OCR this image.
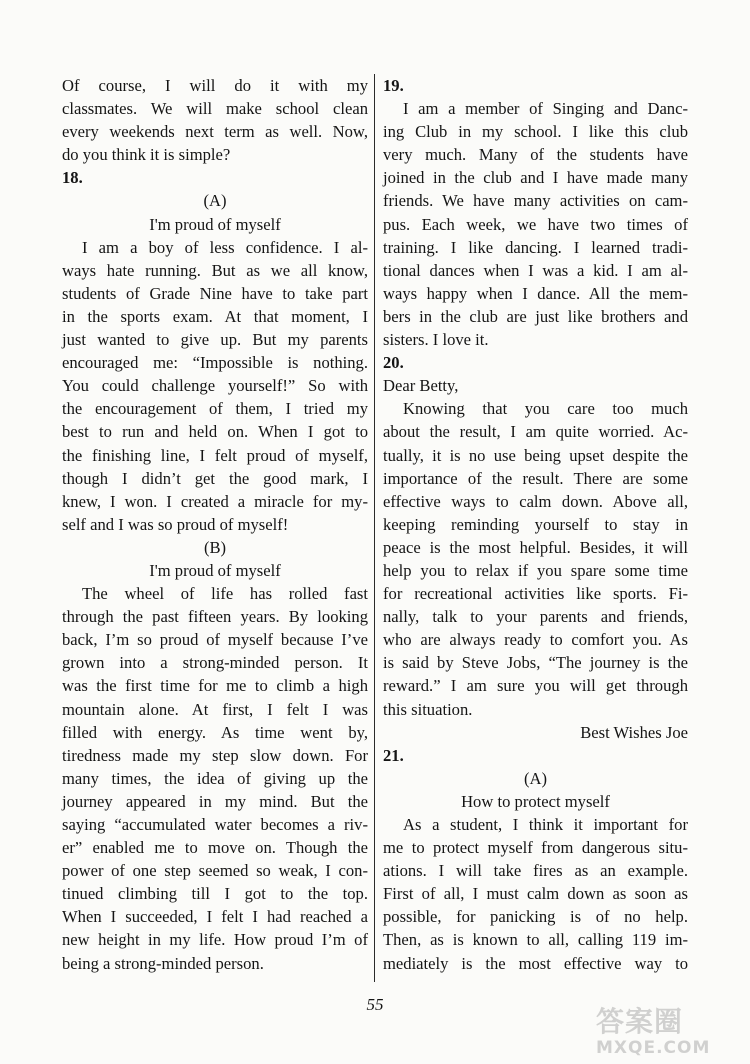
Of course, I will do it with my
classmates. We will make school clean
every weekends next term as well. Now,
do you think it is simple?
18.
(A)
I'm proud of myself
I am a boy of less confidence. I al-
ways hate running. But as we all know,
students of Grade Nine have to take part
in the sports exam. At that moment, I
just wanted to give up. But my parents
encouraged me: “Impossible is nothing.
You could challenge yourself!” So with
the encouragement of them, I tried my
best to run and held on. When I got to
the finishing line, I felt proud of myself,
though I didn’t get the good mark, I
knew, I won. I created a miracle for my-
self and I was so proud of myself!
(B)
I'm proud of myself
The wheel of life has rolled fast
through the past fifteen years. By looking
back, I’m so proud of myself because I’ve
grown into a strong-minded person. It
was the first time for me to climb a high
mountain alone. At first, I felt I was
filled with energy. As time went by,
tiredness made my step slow down. For
many times, the idea of giving up the
journey appeared in my mind. But the
saying “accumulated water becomes a riv-
er” enabled me to move on. Though the
power of one step seemed so weak, I con-
tinued climbing till I got to the top.
When I succeeded, I felt I had reached a
new height in my life. How proud I’m of
being a strong-minded person.
19.
I am a member of Singing and Danc-
ing Club in my school. I like this club
very much. Many of the students have
joined in the club and I have made many
friends. We have many activities on cam-
pus. Each week, we have two times of
training. I like dancing. I learned tradi-
tional dances when I was a kid. I am al-
ways happy when I dance. All the mem-
bers in the club are just like brothers and
sisters. I love it.
20.
Dear Betty,
Knowing that you care too much
about the result, I am quite worried. Ac-
tually, it is no use being upset despite the
importance of the result. There are some
effective ways to calm down. Above all,
keeping reminding yourself to stay in
peace is the most helpful. Besides, it will
help you to relax if you spare some time
for recreational activities like sports. Fi-
nally, talk to your parents and friends,
who are always ready to comfort you. As
is said by Steve Jobs, “The journey is the
reward.” I am sure you will get through
this situation.
Best Wishes Joe
21.
(A)
How to protect myself
As a student, I think it important for
me to protect myself from dangerous situ-
ations. I will take fires as an example.
First of all, I must calm down as soon as
possible, for panicking is of no help.
Then, as is known to all, calling 119 im-
mediately is the most effective way to
55
答案圈
MXQE.COM
